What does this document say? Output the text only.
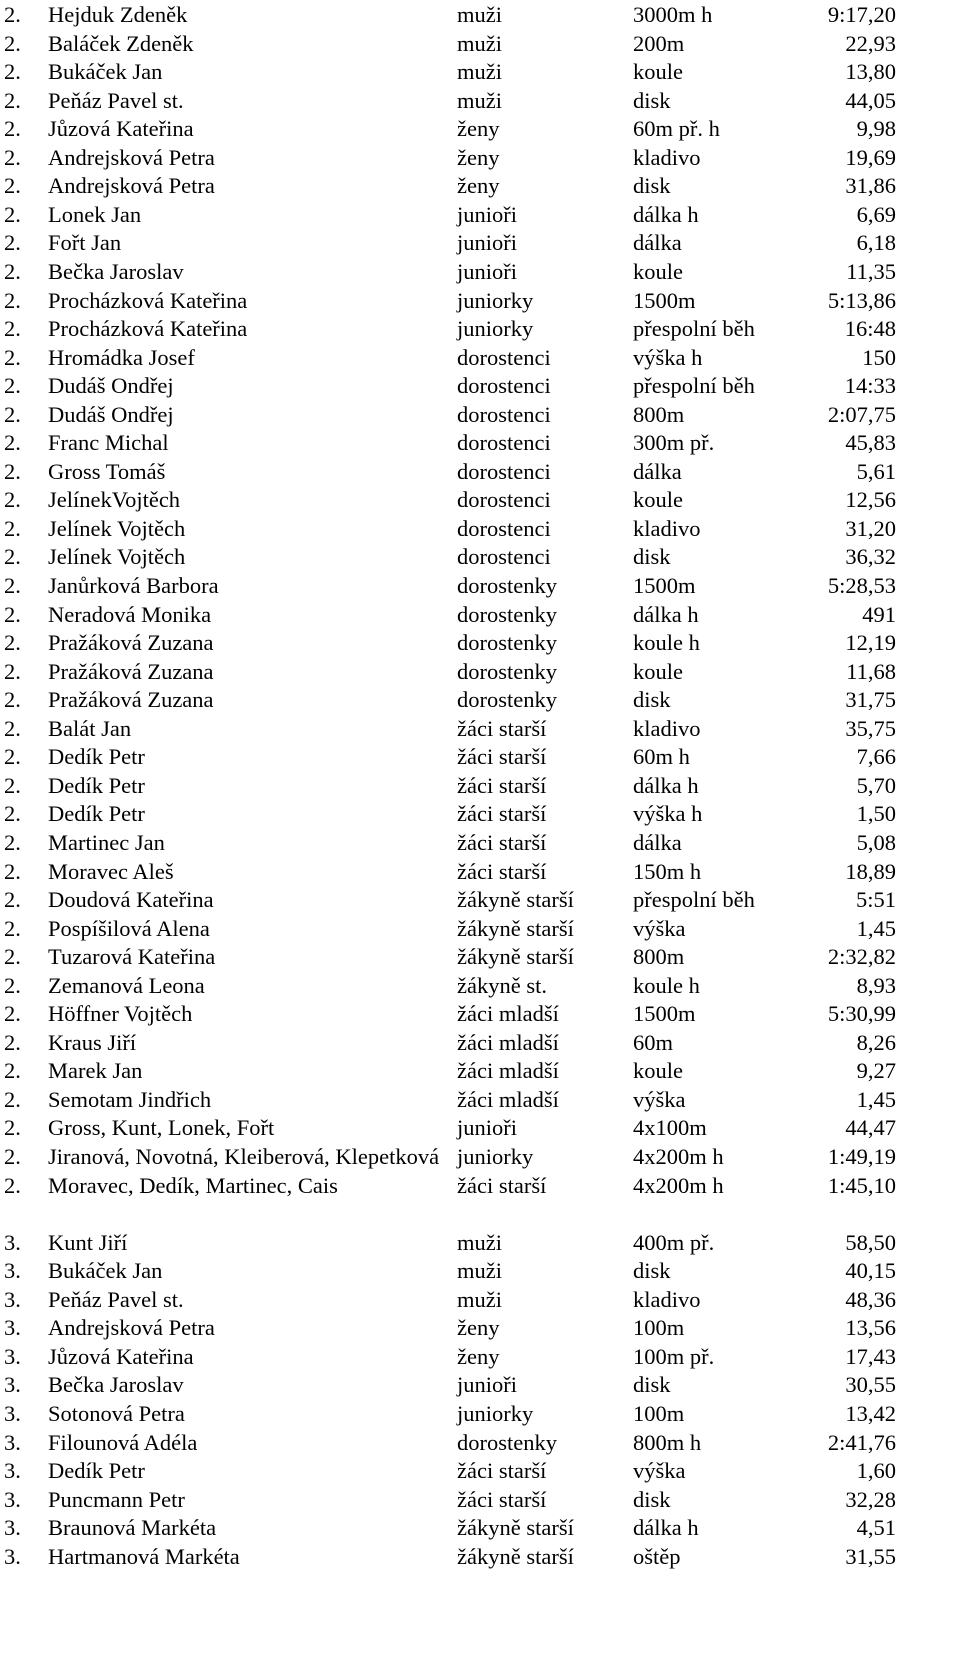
2. Hejduk Zdeněk	muži	3000m h	9:17,20
2. Baláček Zdeněk	muži	200m	22,93
2. Bukáček Jan	muži	koule	13,80
2. Peňáz Pavel st.	muži	disk	44,05
2. Jůzová Kateřina	ženy	60m př. h	9,98
2. Andrejsková Petra	ženy	kladivo	19,69
2. Andrejsková Petra	ženy	disk	31,86
2. Lonek Jan	junioři	dálka h	6,69
2. Fořt Jan	junioři	dálka	6,18
2. Bečka Jaroslav	junioři	koule	11,35
2. Procházková Kateřina	juniorky	1500m	5:13,86
2. Procházková Kateřina	juniorky	přespolní běh	16:48
2. Hromádka Josef	dorostenci	výška h	150
2. Dudáš Ondřej	dorostenci	přespolní běh	14:33
2. Dudáš Ondřej	dorostenci	800m	2:07,75
2. Franc Michal	dorostenci	300m př.	45,83
2. Gross Tomáš	dorostenci	dálka	5,61
2. JelínekVojtěch	dorostenci	koule	12,56
2. Jelínek Vojtěch	dorostenci	kladivo	31,20
2. Jelínek Vojtěch	dorostenci	disk	36,32
2. Janůrková Barbora	dorostenky	1500m	5:28,53
2. Neradová Monika	dorostenky	dálka h	491
2. Pražáková Zuzana	dorostenky	koule h	12,19
2. Pražáková Zuzana	dorostenky	koule	11,68
2. Pražáková Zuzana	dorostenky	disk	31,75
2. Balát Jan	žáci starší	kladivo	35,75
2. Dedík Petr	žáci starší	60m h	7,66
2. Dedík Petr	žáci starší	dálka h	5,70
2. Dedík Petr	žáci starší	výška h	1,50
2. Martinec Jan	žáci starší	dálka	5,08
2. Moravec Aleš	žáci starší	150m h	18,89
2. Doudová Kateřina	žákyně starší	přespolní běh	5:51
2. Pospíšilová Alena	žákyně starší	výška	1,45
2. Tuzarová Kateřina	žákyně starší	800m	2:32,82
2. Zemanová Leona	žákyně st.	koule h	8,93
2. Höffner Vojtěch	žáci mladší	1500m	5:30,99
2. Kraus Jiří	žáci mladší	60m	8,26
2. Marek Jan	žáci mladší	koule	9,27
2. Semotam Jindřich	žáci mladší	výška	1,45
2. Gross, Kunt, Lonek, Fořt	junioři	4x100m	44,47
2. Jiranová, Novotná, Kleiberová, Klepetková juniorky	4x200m h	1:49,19
2. Moravec, Dedík, Martinec, Cais	žáci starší	4x200m h	1:45,10
3. Kunt Jiří	muži	400m př.	58,50
3. Bukáček Jan	muži	disk	40,15
3. Peňáz Pavel st.	muži	kladivo	48,36
3. Andrejsková Petra	ženy	100m	13,56
3. Jůzová Kateřina	ženy	100m př.	17,43
3. Bečka Jaroslav	junioři	disk	30,55
3. Sotonová Petra	juniorky	100m	13,42
3. Filounová Adéla	dorostenky	800m h	2:41,76
3. Dedík Petr	žáci starší	výška	1,60
3. Puncmann Petr	žáci starší	disk	32,28
3. Braunová Markéta	žákyně starší	dálka h	4,51
3. Hartmanová Markéta	žákyně starší	oštěp	31,55
